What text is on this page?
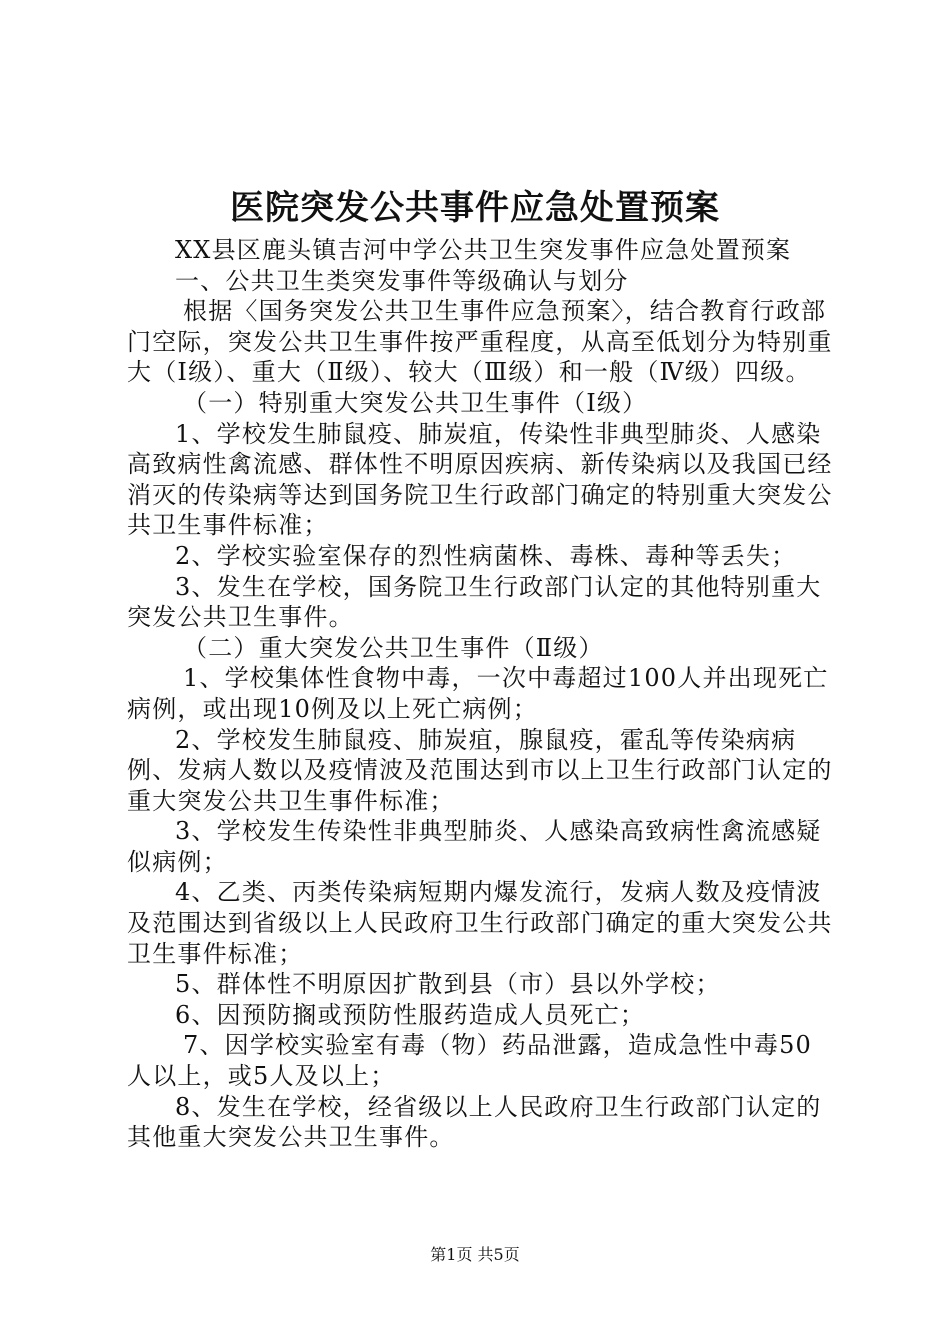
医院突发公共事件应急处置预案

XX县区鹿头镇吉河中学公共卫生突发事件应急处置预案

一、公共卫生类突发事件等级确认与划分

根据〈国务突发公共卫生事件应急预案〉，结合教育行政部门空际，突发公共卫生事件按严重程度，从高至低划分为特别重大（Ⅰ级）、重大（Ⅱ级）、较大（Ⅲ级）和一般（Ⅳ级）四级。

（一）特别重大突发公共卫生事件（Ⅰ级）

1、学校发生肺鼠疫、肺炭疽，传染性非典型肺炎、人感染高致病性禽流感、群体性不明原因疾病、新传染病以及我国已经消灭的传染病等达到国务院卫生行政部门确定的特别重大突发公共卫生事件标准；

2、学校实验室保存的烈性病菌株、毒株、毒种等丢失；

3、发生在学校，国务院卫生行政部门认定的其他特别重大突发公共卫生事件。

（二）重大突发公共卫生事件（Ⅱ级）

1、学校集体性食物中毒，一次中毒超过100人并出现死亡病例，或出现10例及以上死亡病例；

2、学校发生肺鼠疫、肺炭疽，腺鼠疫，霍乱等传染病病例、发病人数以及疫情波及范围达到市以上卫生行政部门认定的重大突发公共卫生事件标准；

3、学校发生传染性非典型肺炎、人感染高致病性禽流感疑似病例；

4、乙类、丙类传染病短期内爆发流行，发病人数及疫情波及范围达到省级以上人民政府卫生行政部门确定的重大突发公共卫生事件标准；

5、群体性不明原因扩散到县（市）县以外学校；

6、因预防搁或预防性服药造成人员死亡；

7、因学校实验室有毒（物）药品泄露，造成急性中毒50人以上，或5人及以上；

8、发生在学校，经省级以上人民政府卫生行政部门认定的其他重大突发公共卫生事件。

第1页 共5页
